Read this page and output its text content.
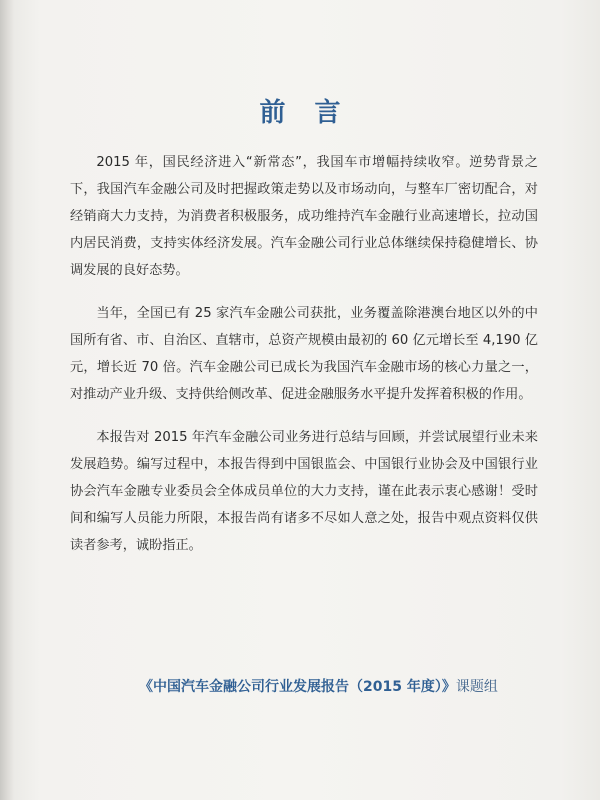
前 言

2015 年，国民经济进入“新常态”，我国车市增幅持续收窄。逆势背景之下，我国汽车金融公司及时把握政策走势以及市场动向，与整车厂密切配合，对经销商大力支持，为消费者积极服务，成功维持汽车金融行业高速增长，拉动国内居民消费，支持实体经济发展。汽车金融公司行业总体继续保持稳健增长、协调发展的良好态势。

当年，全国已有 25 家汽车金融公司获批，业务覆盖除港澳台地区以外的中国所有省、市、自治区、直辖市，总资产规模由最初的 60 亿元增长至 4,190 亿元，增长近 70 倍。汽车金融公司已成长为我国汽车金融市场的核心力量之一，对推动产业升级、支持供给侧改革、促进金融服务水平提升发挥着积极的作用。

本报告对 2015 年汽车金融公司业务进行总结与回顾，并尝试展望行业未来发展趋势。编写过程中，本报告得到中国银监会、中国银行业协会及中国银行业协会汽车金融专业委员会全体成员单位的大力支持，谨在此表示衷心感谢！受时间和编写人员能力所限，本报告尚有诸多不尽如人意之处，报告中观点资料仅供读者参考，诚盼指正。

《中国汽车金融公司行业发展报告（2015 年度）》课题组
